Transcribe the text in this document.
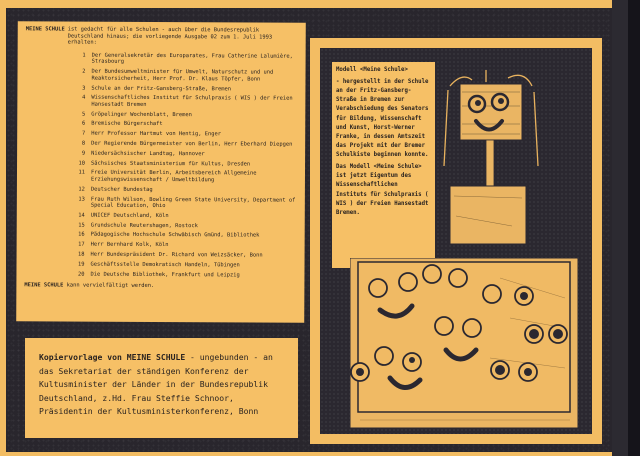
MEINE SCHULE ist gedacht für alle Schulen - auch über die Bundesrepublik Deutschland hinaus; die vorliegende Ausgabe 02 zum 1. Juli 1993 erhalten:
1 Der Generalsekretär des Europarates, Frau Catherine Lalumière, Strasbourg
2 Der Bundesumweltminister für Umwelt, Naturschutz und und Reaktorsicherheit, Herr Prof. Dr. Klaus Töpfer, Bonn
3 Schule an der Fritz-Gansberg-Straße, Bremen
4 Wissenschaftliches Institut für Schulpraxis ( WIS ) der Freien Hansestadt Bremen
5 Gröpelinger Wochenblatt, Bremen
6 Bremische Bürgerschaft
7 Herr Professor Hartmut von Hentig, Enger
8 Der Regierende Bürgermeister von Berlin, Herr Eberhard Diepgen
9 Niedersächsischer Landtag, Hannover
10 Sächsisches Staatsministerium für Kultus, Dresden
11 Freie Universität Berlin, Arbeitsbereich Allgemeine Erziehungswissenschaft / Umweltbildung
12 Deutscher Bundestag
13 Frau Ruth Wilson, Bowling Green State University, Department of Special Education, Ohio
14 UNICEF Deutschland, Köln
15 Grundschule Reutershagen, Rostock
16 Pädagogische Hochschule Schwäbisch Gmünd, Bibliothek
17 Herr Bernhard Kolk, Köln
18 Herr Bundespräsident Dr. Richard von Weizsäcker, Bonn
19 Geschäftsstelle Demokratisch Handeln, Tübingen
20 Die Deutsche Bibliothek, Frankfurt und Leipzig
MEINE SCHULE kann vervielfältigt werden.
Kopiervorlage von MEINE SCHULE - ungebunden - an das Sekretariat der ständigen Konferenz der Kultusminister der Länder in der Bundesrepublik Deutschland, z.Hd. Frau Steffie Schnoor, Präsidentin der Kultusministerkonferenz, Bonn

Modell <Meine Schule>

- hergestellt in der Schule an der Fritz-Gansberg-Straße in Bremen zur Verabschiedung des Senators für Bildung, Wissenschaft und Kunst, Horst-Werner Franke, in dessen Amtszeit das Projekt mit der Bremer Schulkiste beginnen konnte.

Das Modell <Meine Schule> ist jetzt Eigentum des Wissenschaftlichen Instituts für Schulpraxis ( WIS ) der Freien Hansestadt Bremen.
